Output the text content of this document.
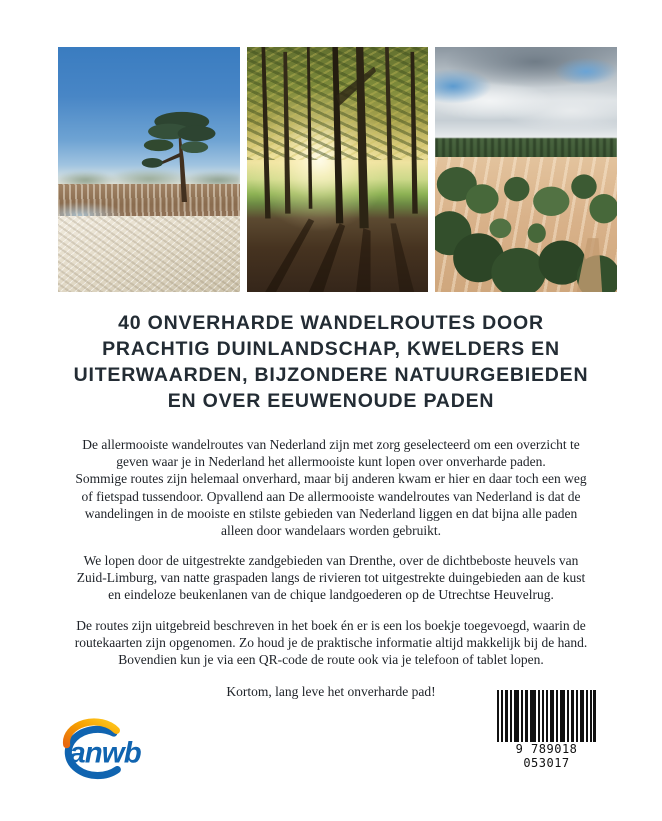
40 ONVERHARDE WANDELROUTES DOOR
PRACHTIG DUINLANDSCHAP, KWELDERS EN
UITERWAARDEN, BIJZONDERE NATUURGEBIEDEN
EN OVER EEUWENOUDE PADEN
De allermooiste wandelroutes van Nederland zijn met zorg geselecteerd om een overzicht te
geven waar je in Nederland het allermooiste kunt lopen over onverharde paden.
Sommige routes zijn helemaal onverhard, maar bij anderen kwam er hier en daar toch een weg
of fietspad tussendoor. Opvallend aan De allermooiste wandelroutes van Nederland is dat de
wandelingen in de mooiste en stilste gebieden van Nederland liggen en dat bijna alle paden
alleen door wandelaars worden gebruikt.
We lopen door de uitgestrekte zandgebieden van Drenthe, over de dichtbeboste heuvels van
Zuid-Limburg, van natte graspaden langs de rivieren tot uitgestrekte duingebieden aan de kust
en eindeloze beukenlanen van de chique landgoederen op de Utrechtse Heuvelrug.
De routes zijn uitgebreid beschreven in het boek én er is een los boekje toegevoegd, waarin de
routekaarten zijn opgenomen. Zo houd je de praktische informatie altijd makkelijk bij de hand.
Bovendien kun je via een QR-code de route ook via je telefoon of tablet lopen.
Kortom, lang leve het onverharde pad!
anwb	9 789018 053017
